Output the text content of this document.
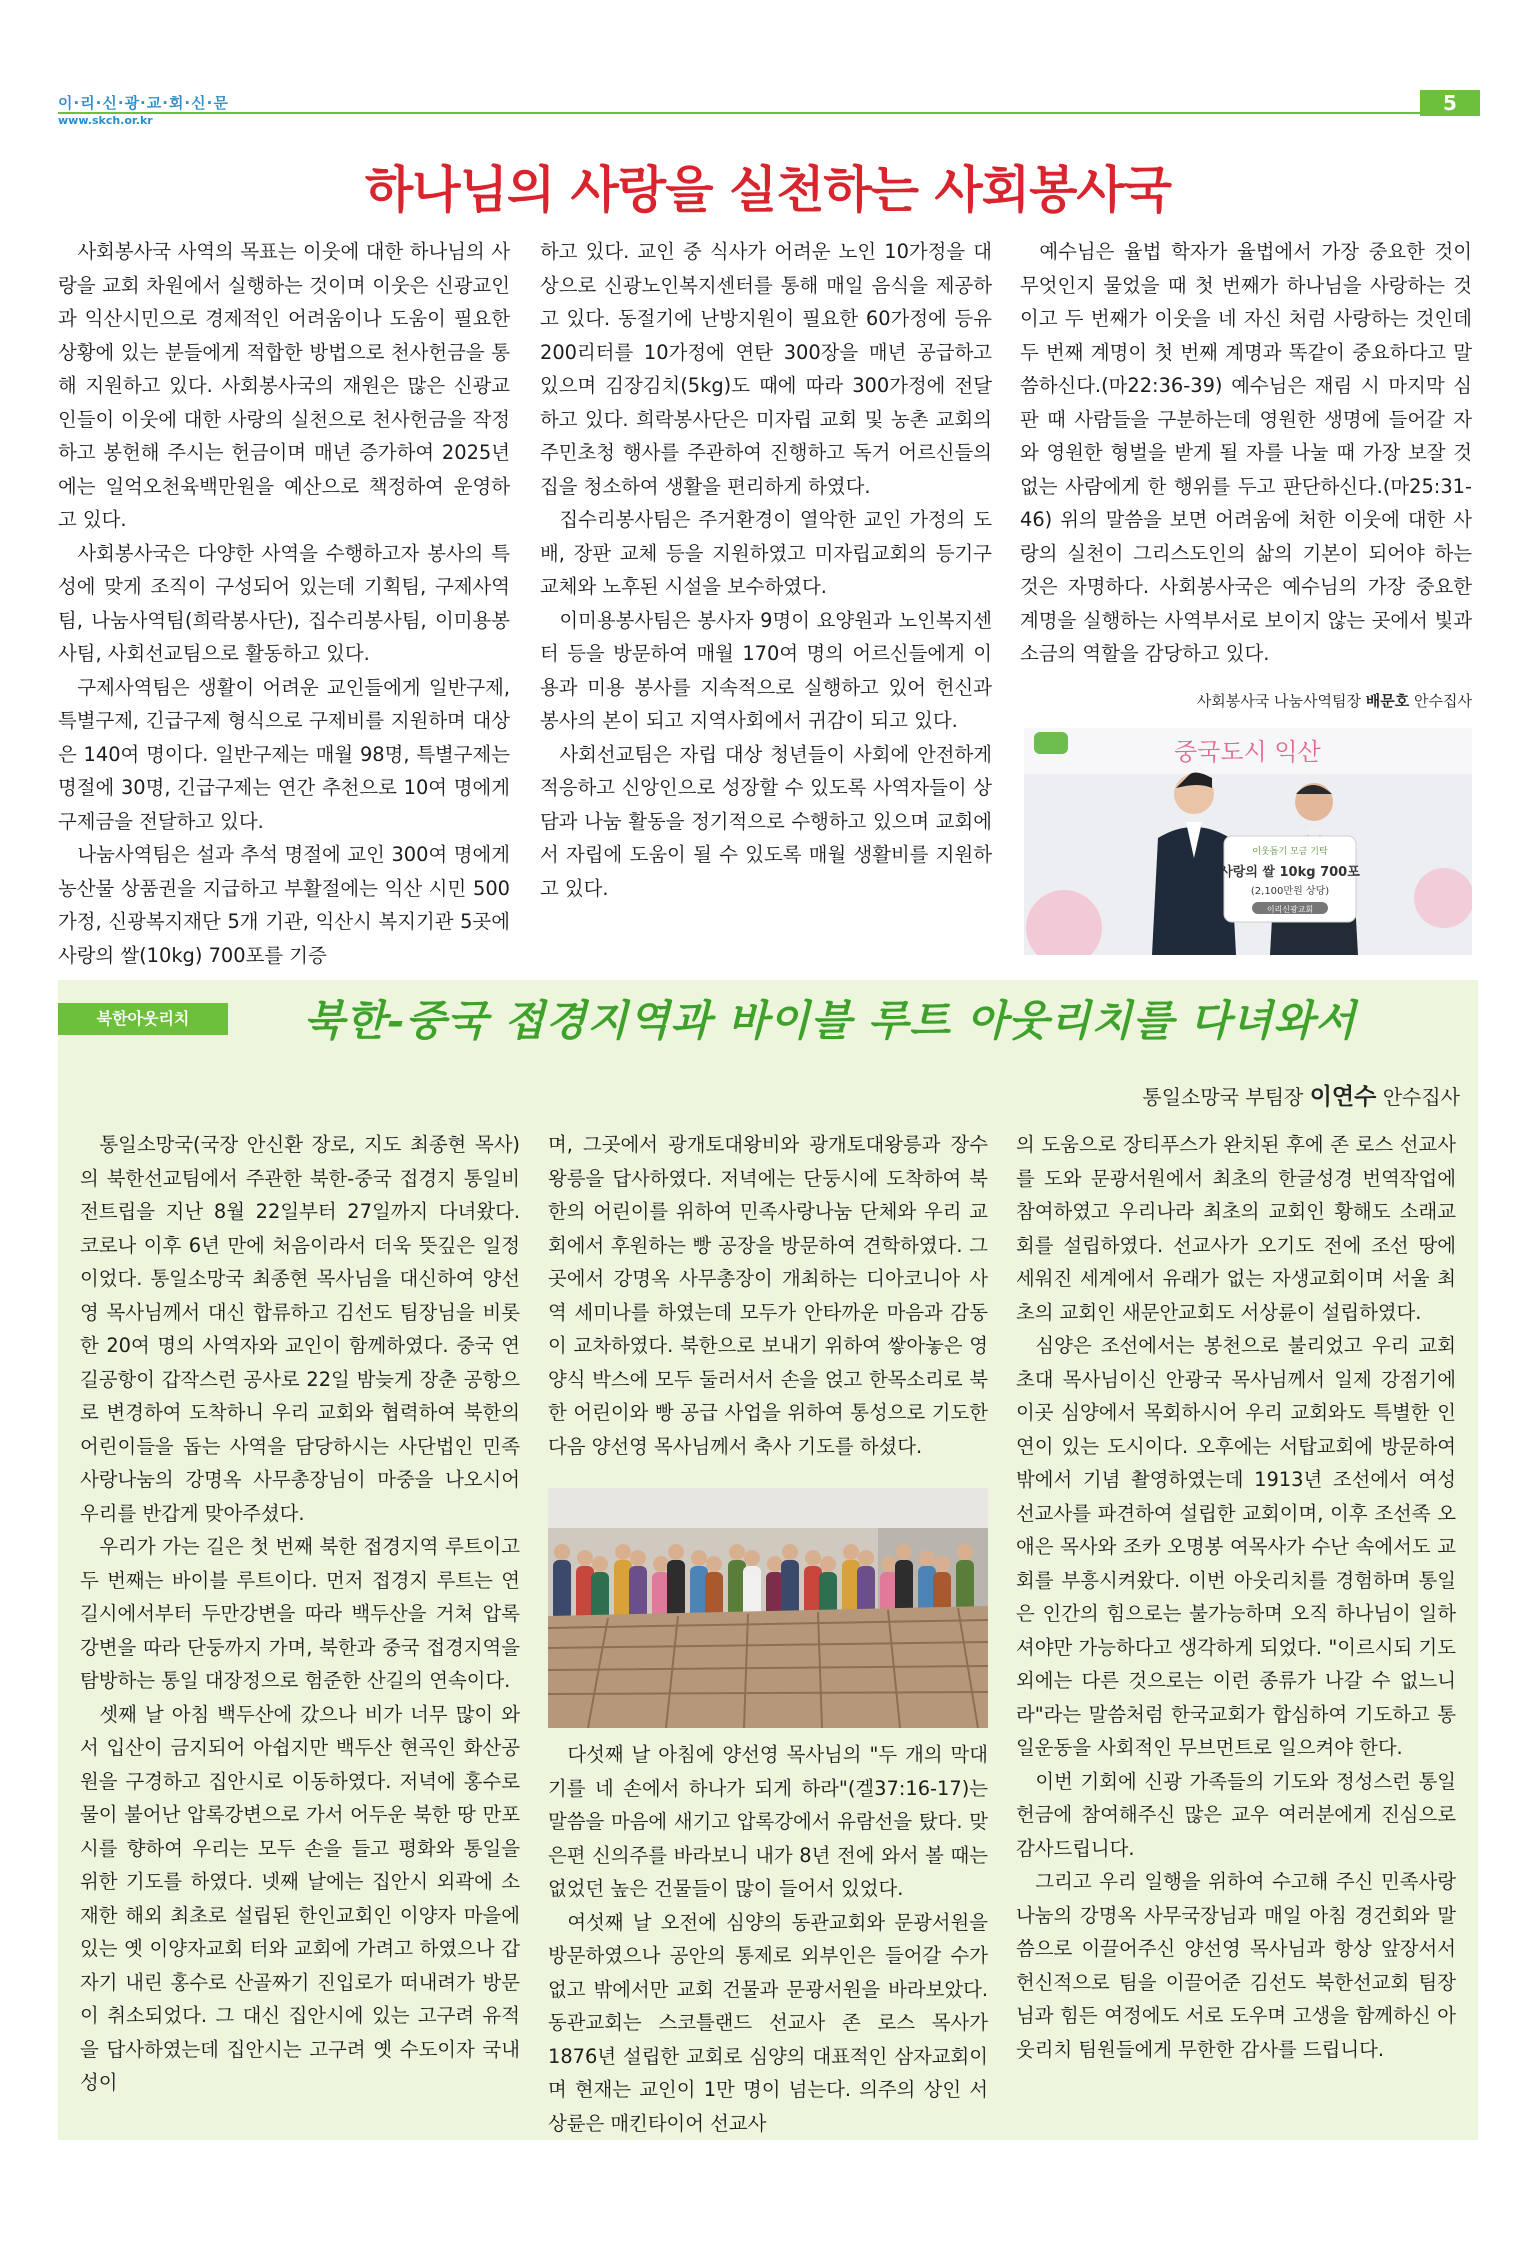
이·리·신·광·교·회·신·문
www.skch.or.kr
5
하나님의 사랑을 실천하는 사회봉사국

사회봉사국 사역의 목표는 이웃에 대한 하나님의 사랑을 교회 차원에서 실행하는 것이며 이웃은 신광교인과 익산시민으로 경제적인 어려움이나 도움이 필요한 상황에 있는 분들에게 적합한 방법으로 천사헌금을 통해 지원하고 있다. 사회봉사국의 재원은 많은 신광교인들이 이웃에 대한 사랑의 실천으로 천사헌금을 작정하고 봉헌해 주시는 헌금이며 매년 증가하여 2025년에는 일억오천육백만원을 예산으로 책정하여 운영하고 있다.

사회봉사국은 다양한 사역을 수행하고자 봉사의 특성에 맞게 조직이 구성되어 있는데 기획팀, 구제사역팀, 나눔사역팀(희락봉사단), 집수리봉사팀, 이미용봉사팀, 사회선교팀으로 활동하고 있다.

구제사역팀은 생활이 어려운 교인들에게 일반구제, 특별구제, 긴급구제 형식으로 구제비를 지원하며 대상은 140여 명이다. 일반구제는 매월 98명, 특별구제는 명절에 30명, 긴급구제는 연간 추천으로 10여 명에게 구제금을 전달하고 있다.

나눔사역팀은 설과 추석 명절에 교인 300여 명에게 농산물 상품권을 지급하고 부활절에는 익산 시민 500가정, 신광복지재단 5개 기관, 익산시 복지기관 5곳에 사랑의 쌀(10kg) 700포를 기증

하고 있다. 교인 중 식사가 어려운 노인 10가정을 대상으로 신광노인복지센터를 통해 매일 음식을 제공하고 있다. 동절기에 난방지원이 필요한 60가정에 등유 200리터를 10가정에 연탄 300장을 매년 공급하고 있으며 김장김치(5kg)도 때에 따라 300가정에 전달하고 있다. 희락봉사단은 미자립 교회 및 농촌 교회의 주민초청 행사를 주관하여 진행하고 독거 어르신들의 집을 청소하여 생활을 편리하게 하였다.

집수리봉사팀은 주거환경이 열악한 교인 가정의 도배, 장판 교체 등을 지원하였고 미자립교회의 등기구 교체와 노후된 시설을 보수하였다.

이미용봉사팀은 봉사자 9명이 요양원과 노인복지센터 등을 방문하여 매월 170여 명의 어르신들에게 이용과 미용 봉사를 지속적으로 실행하고 있어 헌신과 봉사의 본이 되고 지역사회에서 귀감이 되고 있다.

사회선교팀은 자립 대상 청년들이 사회에 안전하게 적응하고 신앙인으로 성장할 수 있도록 사역자들이 상담과 나눔 활동을 정기적으로 수행하고 있으며 교회에서 자립에 도움이 될 수 있도록 매월 생활비를 지원하고 있다.

예수님은 율법 학자가 율법에서 가장 중요한 것이 무엇인지 물었을 때 첫 번째가 하나님을 사랑하는 것이고 두 번째가 이웃을 네 자신 처럼 사랑하는 것인데 두 번째 계명이 첫 번째 계명과 똑같이 중요하다고 말씀하신다.(마22:36-39) 예수님은 재림 시 마지막 심판 때 사람들을 구분하는데 영원한 생명에 들어갈 자와 영원한 형벌을 받게 될 자를 나눌 때 가장 보잘 것 없는 사람에게 한 행위를 두고 판단하신다.(마25:31-46) 위의 말씀을 보면 어려움에 처한 이웃에 대한 사랑의 실천이 그리스도인의 삶의 기본이 되어야 하는 것은 자명하다. 사회봉사국은 예수님의 가장 중요한 계명을 실행하는 사역부서로 보이지 않는 곳에서 빛과 소금의 역할을 감당하고 있다.

사회봉사국 나눔사역팀장 배문호 안수집사
중국도시 익산
이웃돕기 모금 기탁
사랑의 쌀 10kg 700포
(2,100만원 상당)
이리신광교회
북한아웃리치	북한-중국 접경지역과 바이블 루트 아웃리치를 다녀와서
통일소망국 부팀장 이연수 안수집사

통일소망국(국장 안신환 장로, 지도 최종현 목사)의 북한선교팀에서 주관한 북한-중국 접경지 통일비전트립을 지난 8월 22일부터 27일까지 다녀왔다. 코로나 이후 6년 만에 처음이라서 더욱 뜻깊은 일정이었다. 통일소망국 최종현 목사님을 대신하여 양선영 목사님께서 대신 합류하고 김선도 팀장님을 비롯한 20여 명의 사역자와 교인이 함께하였다. 중국 연길공항이 갑작스런 공사로 22일 밤늦게 장춘 공항으로 변경하여 도착하니 우리 교회와 협력하여 북한의 어린이들을 돕는 사역을 담당하시는 사단법인 민족사랑나눔의 강명옥 사무총장님이 마중을 나오시어 우리를 반갑게 맞아주셨다.

우리가 가는 길은 첫 번째 북한 접경지역 루트이고 두 번째는 바이블 루트이다. 먼저 접경지 루트는 연길시에서부터 두만강변을 따라 백두산을 거쳐 압록강변을 따라 단둥까지 가며, 북한과 중국 접경지역을 탐방하는 통일 대장정으로 험준한 산길의 연속이다.

셋째 날 아침 백두산에 갔으나 비가 너무 많이 와서 입산이 금지되어 아쉽지만 백두산 현곡인 화산공원을 구경하고 집안시로 이동하였다. 저녁에 홍수로 물이 불어난 압록강변으로 가서 어두운 북한 땅 만포시를 향하여 우리는 모두 손을 들고 평화와 통일을 위한 기도를 하였다. 넷째 날에는 집안시 외곽에 소재한 해외 최초로 설립된 한인교회인 이양자 마을에 있는 옛 이양자교회 터와 교회에 가려고 하였으나 갑자기 내린 홍수로 산골짜기 진입로가 떠내려가 방문이 취소되었다. 그 대신 집안시에 있는 고구려 유적을 답사하였는데 집안시는 고구려 옛 수도이자 국내성이

며, 그곳에서 광개토대왕비와 광개토대왕릉과 장수왕릉을 답사하였다. 저녁에는 단둥시에 도착하여 북한의 어린이를 위하여 민족사랑나눔 단체와 우리 교회에서 후원하는 빵 공장을 방문하여 견학하였다. 그곳에서 강명옥 사무총장이 개최하는 디아코니아 사역 세미나를 하였는데 모두가 안타까운 마음과 감동이 교차하였다. 북한으로 보내기 위하여 쌓아놓은 영양식 박스에 모두 둘러서서 손을 얹고 한목소리로 북한 어린이와 빵 공급 사업을 위하여 통성으로 기도한 다음 양선영 목사님께서 축사 기도를 하셨다.

다섯째 날 아침에 양선영 목사님의 "두 개의 막대기를 네 손에서 하나가 되게 하라"(겔37:16-17)는 말씀을 마음에 새기고 압록강에서 유람선을 탔다. 맞은편 신의주를 바라보니 내가 8년 전에 와서 볼 때는 없었던 높은 건물들이 많이 들어서 있었다.

여섯째 날 오전에 심양의 동관교회와 문광서원을 방문하였으나 공안의 통제로 외부인은 들어갈 수가 없고 밖에서만 교회 건물과 문광서원을 바라보았다. 동관교회는 스코틀랜드 선교사 존 로스 목사가 1876년 설립한 교회로 심양의 대표적인 삼자교회이며 현재는 교인이 1만 명이 넘는다. 의주의 상인 서상륜은 매킨타이어 선교사

의 도움으로 장티푸스가 완치된 후에 존 로스 선교사를 도와 문광서원에서 최초의 한글성경 번역작업에 참여하였고 우리나라 최초의 교회인 황해도 소래교회를 설립하였다. 선교사가 오기도 전에 조선 땅에 세워진 세계에서 유래가 없는 자생교회이며 서울 최초의 교회인 새문안교회도 서상륜이 설립하였다.

심양은 조선에서는 봉천으로 불리었고 우리 교회 초대 목사님이신 안광국 목사님께서 일제 강점기에 이곳 심양에서 목회하시어 우리 교회와도 특별한 인연이 있는 도시이다. 오후에는 서탑교회에 방문하여 밖에서 기념 촬영하였는데 1913년 조선에서 여성 선교사를 파견하여 설립한 교회이며, 이후 조선족 오애은 목사와 조카 오명봉 여목사가 수난 속에서도 교회를 부흥시켜왔다. 이번 아웃리치를 경험하며 통일은 인간의 힘으로는 불가능하며 오직 하나님이 일하셔야만 가능하다고 생각하게 되었다. "이르시되 기도 외에는 다른 것으로는 이런 종류가 나갈 수 없느니라"라는 말씀처럼 한국교회가 합심하여 기도하고 통일운동을 사회적인 무브먼트로 일으켜야 한다.

이번 기회에 신광 가족들의 기도와 정성스런 통일헌금에 참여해주신 많은 교우 여러분에게 진심으로 감사드립니다.

그리고 우리 일행을 위하여 수고해 주신 민족사랑나눔의 강명옥 사무국장님과 매일 아침 경건회와 말씀으로 이끌어주신 양선영 목사님과 항상 앞장서서 헌신적으로 팀을 이끌어준 김선도 북한선교회 팀장님과 힘든 여정에도 서로 도우며 고생을 함께하신 아웃리치 팀원들에게 무한한 감사를 드립니다.
